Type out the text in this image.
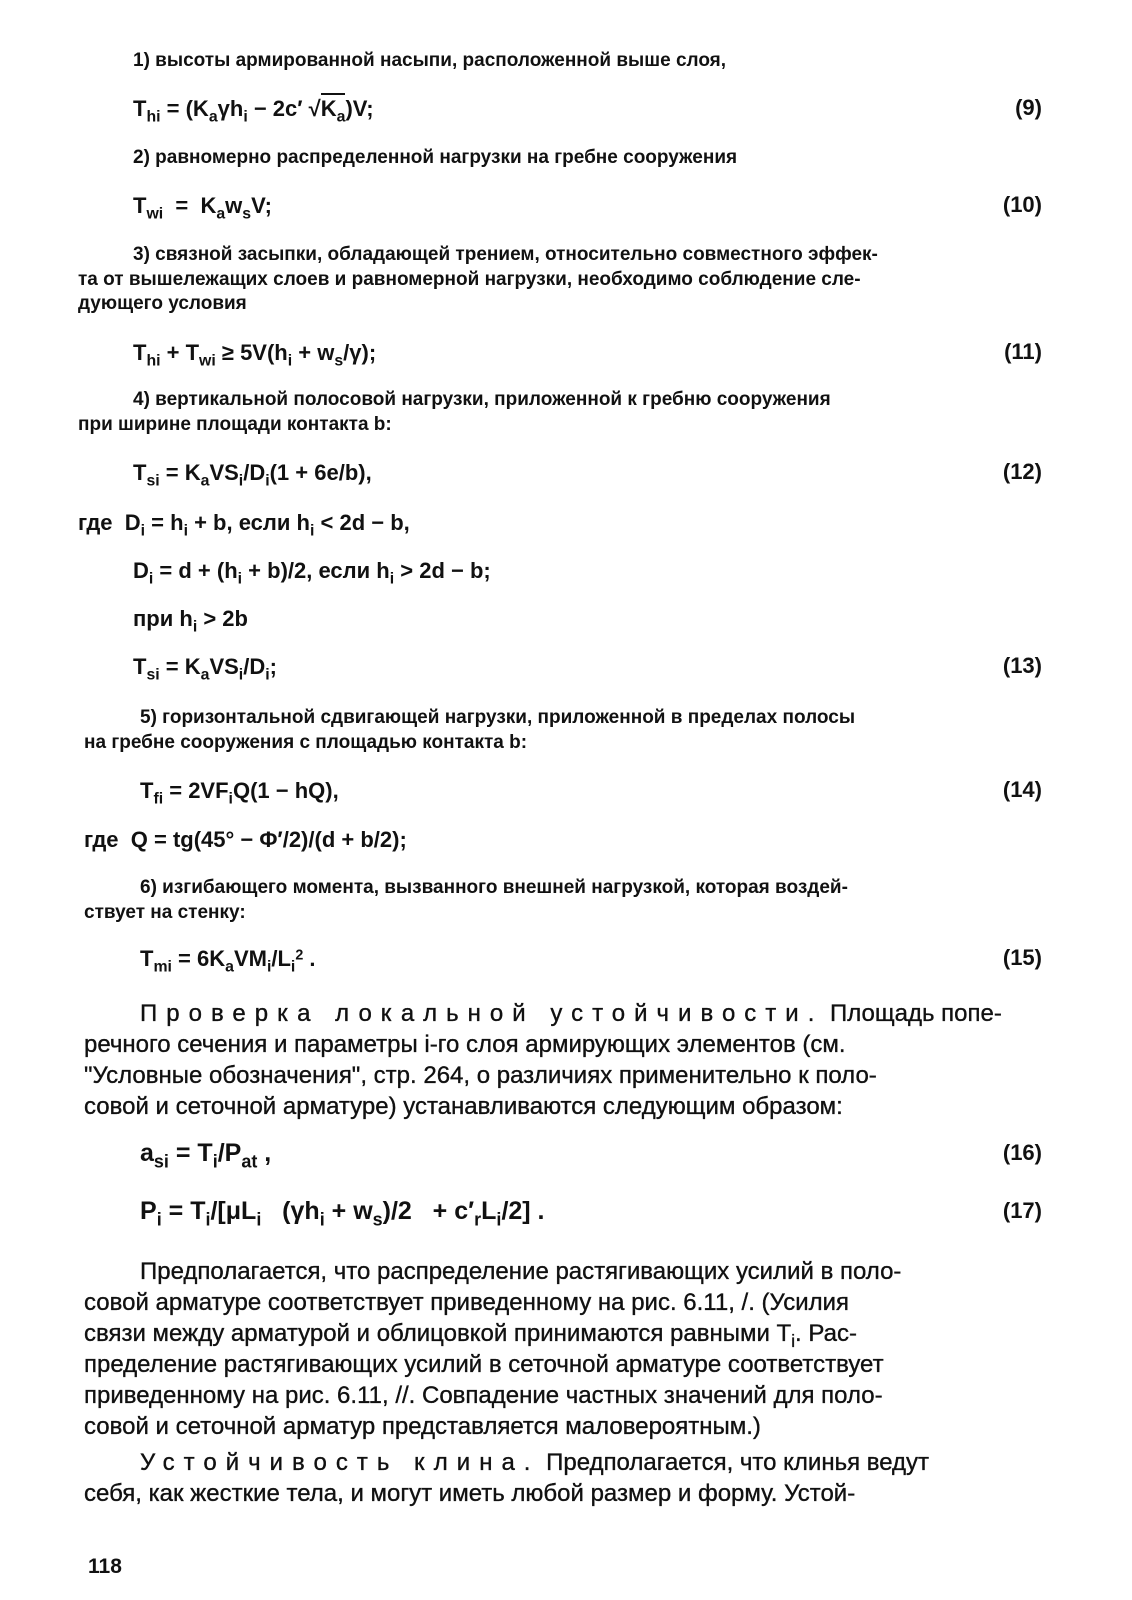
1) высоты армированной насыпи, расположенной выше слоя,
$T_{hi} = (K_a\gamma h_i - 2c'$ $√K_a)V$;	(9)
2) равномерно распределенной нагрузки на гребне сооружения
$T_{wi} = K_aw_sV$;	(10)
3) связной засыпки, обладающей трением, относительно совместного эффек-
та от вышележащих слоев и равномерной нагрузки, необходимо соблюдение сле-
дующего условия
$T_{hi} + T_{wi} \ge 5V(h_i + w_s/\gamma)$;	(11)
4) вертикальной полосовой нагрузки, приложенной к гребню сооружения
при ширине площади контакта b:
$T_{si} = K_aVS_i/D_i(1 + 6e/b)$,	(12)
где  $D_i = h_i + b$, если $h_i < 2d - b$,
$D_i = d + (h_i + b)/2$, если $h_i > 2d - b$;
при $h_i > 2b$
$T_{si} = K_aVS_i/D_i$;	(13)
5) горизонтальной сдвигающей нагрузки, приложенной в пределах полосы
на гребне сооружения с площадью контакта b:
$T_{fi} = 2VF_iQ(1 - hQ)$,	(14)
где  Q = tg(45° − Φ′/2)/(d + b/2);
6) изгибающего момента, вызванного внешней нагрузкой, которая воздей-
ствует на стенку:
$T_{mi} = 6K_aVM_i/L_i^2$ .	(15)
Проверка локальной устойчивости. Площадь попе-
речного сечения и параметры i-го слоя армирующих элементов (см.
"Условные обозначения", стр. 264, о различиях применительно к поло-
совой и сеточной арматуре) устанавливаются следующим образом:
$a_{si} = T_i/P_{at}$ ,	(16)
$P_i = T_i/[\mu L_i$   $(\gamma h_i + w_s)/2 + c'_rL_i/2$] .	(17)
Предполагается, что распределение растягивающих усилий в поло-
совой арматуре соответствует приведенному на рис. 6.11, /. (Усилия
связи между арматурой и облицовкой принимаются равными $T_i$. Рас-
пределение растягивающих усилий в сеточной арматуре соответствует
приведенному на рис. 6.11, //. Совпадение частных значений для поло-
совой и сеточной арматур представляется маловероятным.)
Устойчивость клина. Предполагается, что клинья ведут
себя, как жесткие тела, и могут иметь любой размер и форму. Устой-
118
